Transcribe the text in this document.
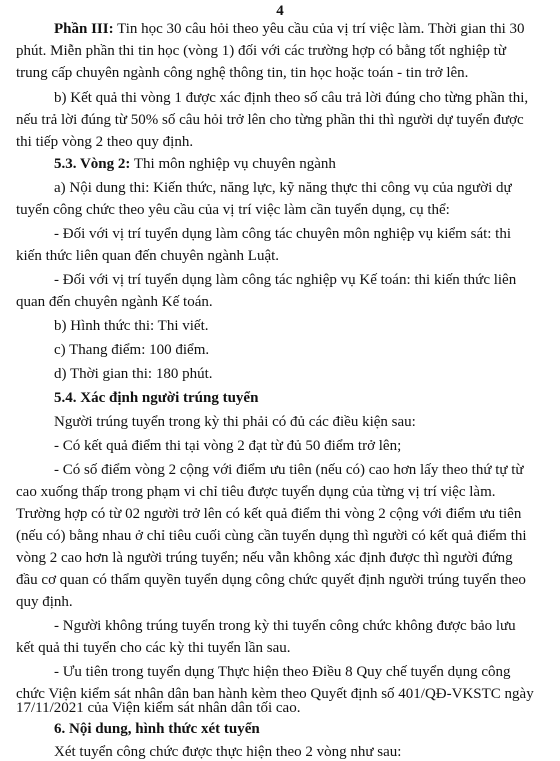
4
Phần III: Tin học 30 câu hỏi theo yêu cầu của vị trí việc làm. Thời gian thi 30
phút. Miễn phần thi tin học (vòng 1) đối với các trường hợp có bằng tốt nghiệp từ
trung cấp chuyên ngành công nghệ thông tin, tin học hoặc toán - tin trở lên.
b) Kết quả thi vòng 1 được xác định theo số câu trả lời đúng cho từng phần thi,
nếu trả lời đúng từ 50% số câu hỏi trở lên cho từng phần thi thì người dự tuyển được
thi tiếp vòng 2 theo quy định.
5.3. Vòng 2: Thi môn nghiệp vụ chuyên ngành
a) Nội dung thi: Kiến thức, năng lực, kỹ năng thực thi công vụ của người dự
tuyển công chức theo yêu cầu của vị trí việc làm cần tuyển dụng, cụ thể:
- Đối với vị trí tuyển dụng làm công tác chuyên môn nghiệp vụ kiểm sát: thi
kiến thức liên quan đến chuyên ngành Luật.
- Đối với vị trí tuyển dụng làm công tác nghiệp vụ Kế toán: thi kiến thức liên
quan đến chuyên ngành Kế toán.
b) Hình thức thi: Thi viết.
c) Thang điểm: 100 điểm.
d) Thời gian thi: 180 phút.
5.4. Xác định người trúng tuyển
Người trúng tuyển trong kỳ thi phải có đủ các điều kiện sau:
- Có kết quả điểm thi tại vòng 2 đạt từ đủ 50 điểm trở lên;
- Có số điểm vòng 2 cộng với điểm ưu tiên (nếu có) cao hơn lấy theo thứ tự từ
cao xuống thấp trong phạm vi chỉ tiêu được tuyển dụng của từng vị trí việc làm.
Trường hợp có từ 02 người trở lên có kết quả điểm thi vòng 2 cộng với điểm ưu tiên
(nếu có) bằng nhau ở chỉ tiêu cuối cùng cần tuyển dụng thì người có kết quả điểm thi
vòng 2 cao hơn là người trúng tuyển; nếu vẫn không xác định được thì người đứng
đầu cơ quan có thẩm quyền tuyển dụng công chức quyết định người trúng tuyển theo
quy định.
- Người không trúng tuyển trong kỳ thi tuyển công chức không được bảo lưu
kết quả thi tuyển cho các kỳ thi tuyển lần sau.
- Ưu tiên trong tuyển dụng Thực hiện theo Điều 8 Quy chế tuyển dụng công
chức Viện kiểm sát nhân dân ban hành kèm theo Quyết định số 401/QĐ-VKSTC ngày
17/11/2021 của Viện kiểm sát nhân dân tối cao.
6. Nội dung, hình thức xét tuyển
Xét tuyển công chức được thực hiện theo 2 vòng như sau:
